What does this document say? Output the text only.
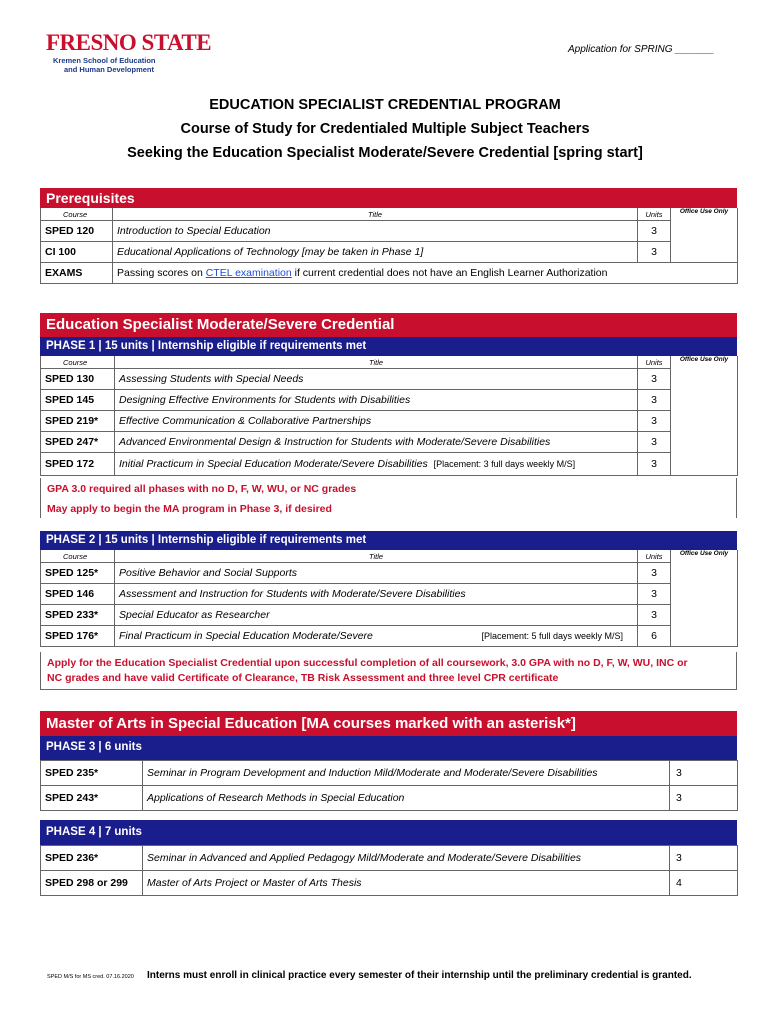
FRESNO STATE
Kremen School of Education
and Human Development
Application for SPRING _______
EDUCATION SPECIALIST CREDENTIAL PROGRAM
Course of Study for Credentialed Multiple Subject Teachers
Seeking the Education Specialist Moderate/Severe Credential [spring start]
Prerequisites
Course	Title	Units	Office Use Only
SPED 120	Introduction to Special Education	3	
CI 100	Educational Applications of Technology [may be taken in Phase 1]	3	
EXAMS	Passing scores on CTEL examination if current credential does not have an English Learner Authorization		
Education Specialist Moderate/Severe Credential
PHASE 1 | 15 units | Internship eligible if requirements met
Course	Title	Units	Office Use Only
SPED 130	Assessing Students with Special Needs	3	
SPED 145	Designing Effective Environments for Students with Disabilities	3	
SPED 219*	Effective Communication & Collaborative Partnerships	3	
SPED 247*	Advanced Environmental Design & Instruction for Students with Moderate/Severe Disabilities	3	
SPED 172	Initial Practicum in Special Education Moderate/Severe Disabilities [Placement: 3 full days weekly M/S]	3	
GPA 3.0 required all phases with no D, F, W, WU, or NC grades
May apply to begin the MA program in Phase 3, if desired
PHASE 2 | 15 units | Internship eligible if requirements met
Course	Title	Units	Office Use Only
SPED 125*	Positive Behavior and Social Supports	3	
SPED 146	Assessment and Instruction for Students with Moderate/Severe Disabilities	3	
SPED 233*	Special Educator as Researcher	3	
SPED 176*	Final Practicum in Special Education Moderate/Severe [Placement: 5 full days weekly M/S]	6	
Apply for the Education Specialist Credential upon successful completion of all coursework, 3.0 GPA with no D, F, W, WU, INC or
NC grades and have valid Certificate of Clearance, TB Risk Assessment and three level CPR certificate
Master of Arts in Special Education [MA courses marked with an asterisk*]
PHASE 3 | 6 units
SPED 235*	Seminar in Program Development and Induction Mild/Moderate and Moderate/Severe Disabilities	3
SPED 243*	Applications of Research Methods in Special Education	3
PHASE 4 | 7 units
SPED 236*	Seminar in Advanced and Applied Pedagogy Mild/Moderate and Moderate/Severe Disabilities	3
SPED 298 or 299	Master of Arts Project or Master of Arts Thesis	4
SPED M/S for MS cred. 07.16.2020 Interns must enroll in clinical practice every semester of their internship until the preliminary credential is granted.
